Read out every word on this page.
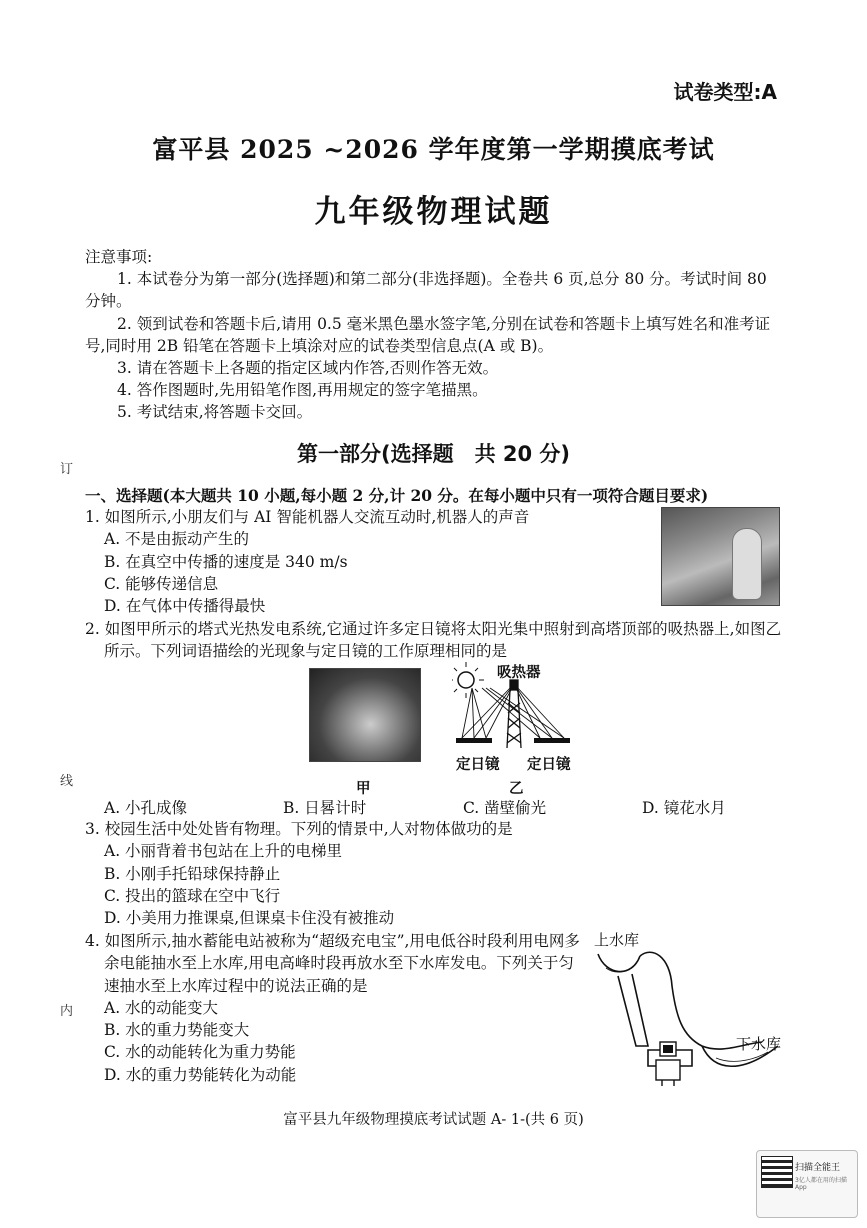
试卷类型:A
富平县 2025 ~2026 学年度第一学期摸底考试
九年级物理试题

注意事项:

1. 本试卷分为第一部分(选择题)和第二部分(非选择题)。全卷共 6 页,总分 80 分。考试时间 80 分钟。

2. 领到试卷和答题卡后,请用 0.5 毫米黑色墨水签字笔,分别在试卷和答题卡上填写姓名和准考证号,同时用 2B 铅笔在答题卡上填涂对应的试卷类型信息点(A 或 B)。

3. 请在答题卡上各题的指定区域内作答,否则作答无效。

4. 答作图题时,先用铅笔作图,再用规定的签字笔描黑。

5. 考试结束,将答题卡交回。

第一部分(选择题　共 20 分)
一、选择题(本大题共 10 小题,每小题 2 分,计 20 分。在每小题中只有一项符合题目要求)

1. 如图所示,小朋友们与 AI 智能机器人交流互动时,机器人的声音

A. 不是由振动产生的

B. 在真空中传播的速度是 340 m/s

C. 能够传递信息

D. 在气体中传播得最快

2. 如图甲所示的塔式光热发电系统,它通过许多定日镜将太阳光集中照射到高塔顶部的吸热器上,如图乙所示。下列词语描绘的光现象与定日镜的工作原理相同的是

吸热器
定日镜 定日镜
甲	乙
A. 小孔成像	B. 日晷计时	C. 凿壁偷光	D. 镜花水月

3. 校园生活中处处皆有物理。下列的情景中,人对物体做功的是

A. 小丽背着书包站在上升的电梯里

B. 小刚手托铅球保持静止

C. 投出的篮球在空中飞行

D. 小美用力推课桌,但课桌卡住没有被推动

4. 如图所示,抽水蓄能电站被称为“超级充电宝”,用电低谷时段利用电网多余电能抽水至上水库,用电高峰时段再放水至下水库发电。下列关于匀速抽水至上水库过程中的说法正确的是

A. 水的动能变大

B. 水的重力势能变大

C. 水的动能转化为重力势能

D. 水的重力势能转化为动能

上水库
下水库
富平县九年级物理摸底考试试题 A- 1-(共 6 页)
订
线
内
扫描全能王
3亿人都在用的扫描App
